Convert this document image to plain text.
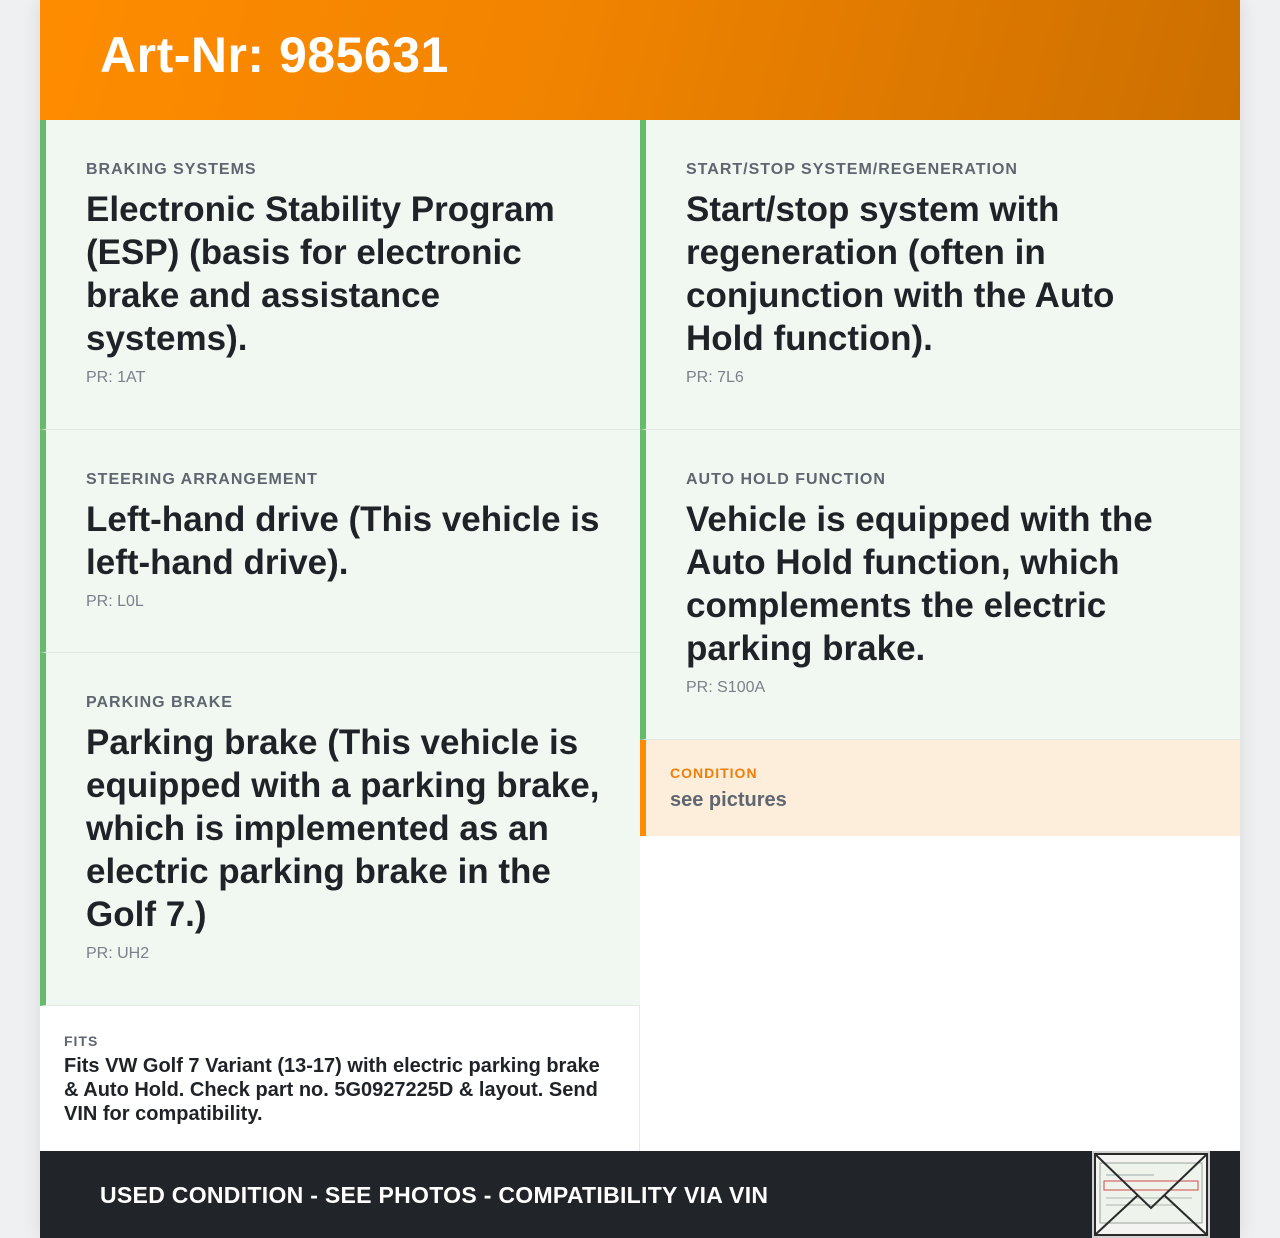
Art-Nr: 985631

BRAKING SYSTEMS

Electronic Stability Program (ESP) (basis for electronic brake and assistance systems).

PR: 1AT

STEERING ARRANGEMENT

Left-hand drive (This vehicle is left-hand drive).

PR: L0L

PARKING BRAKE

Parking brake (This vehicle is equipped with a parking brake, which is implemented as an electric parking brake in the Golf 7.)

PR: UH2

FITS

Fits VW Golf 7 Variant (13-17) with electric parking brake & Auto Hold. Check part no. 5G0927225D & layout. Send VIN for compatibility.

START/STOP SYSTEM/REGENERATION

Start/stop system with regeneration (often in conjunction with the Auto Hold function).

PR: 7L6

AUTO HOLD FUNCTION

Vehicle is equipped with the Auto Hold function, which complements the electric parking brake.

PR: S100A

CONDITION

see pictures

USED CONDITION - SEE PHOTOS - COMPATIBILITY VIA VIN
